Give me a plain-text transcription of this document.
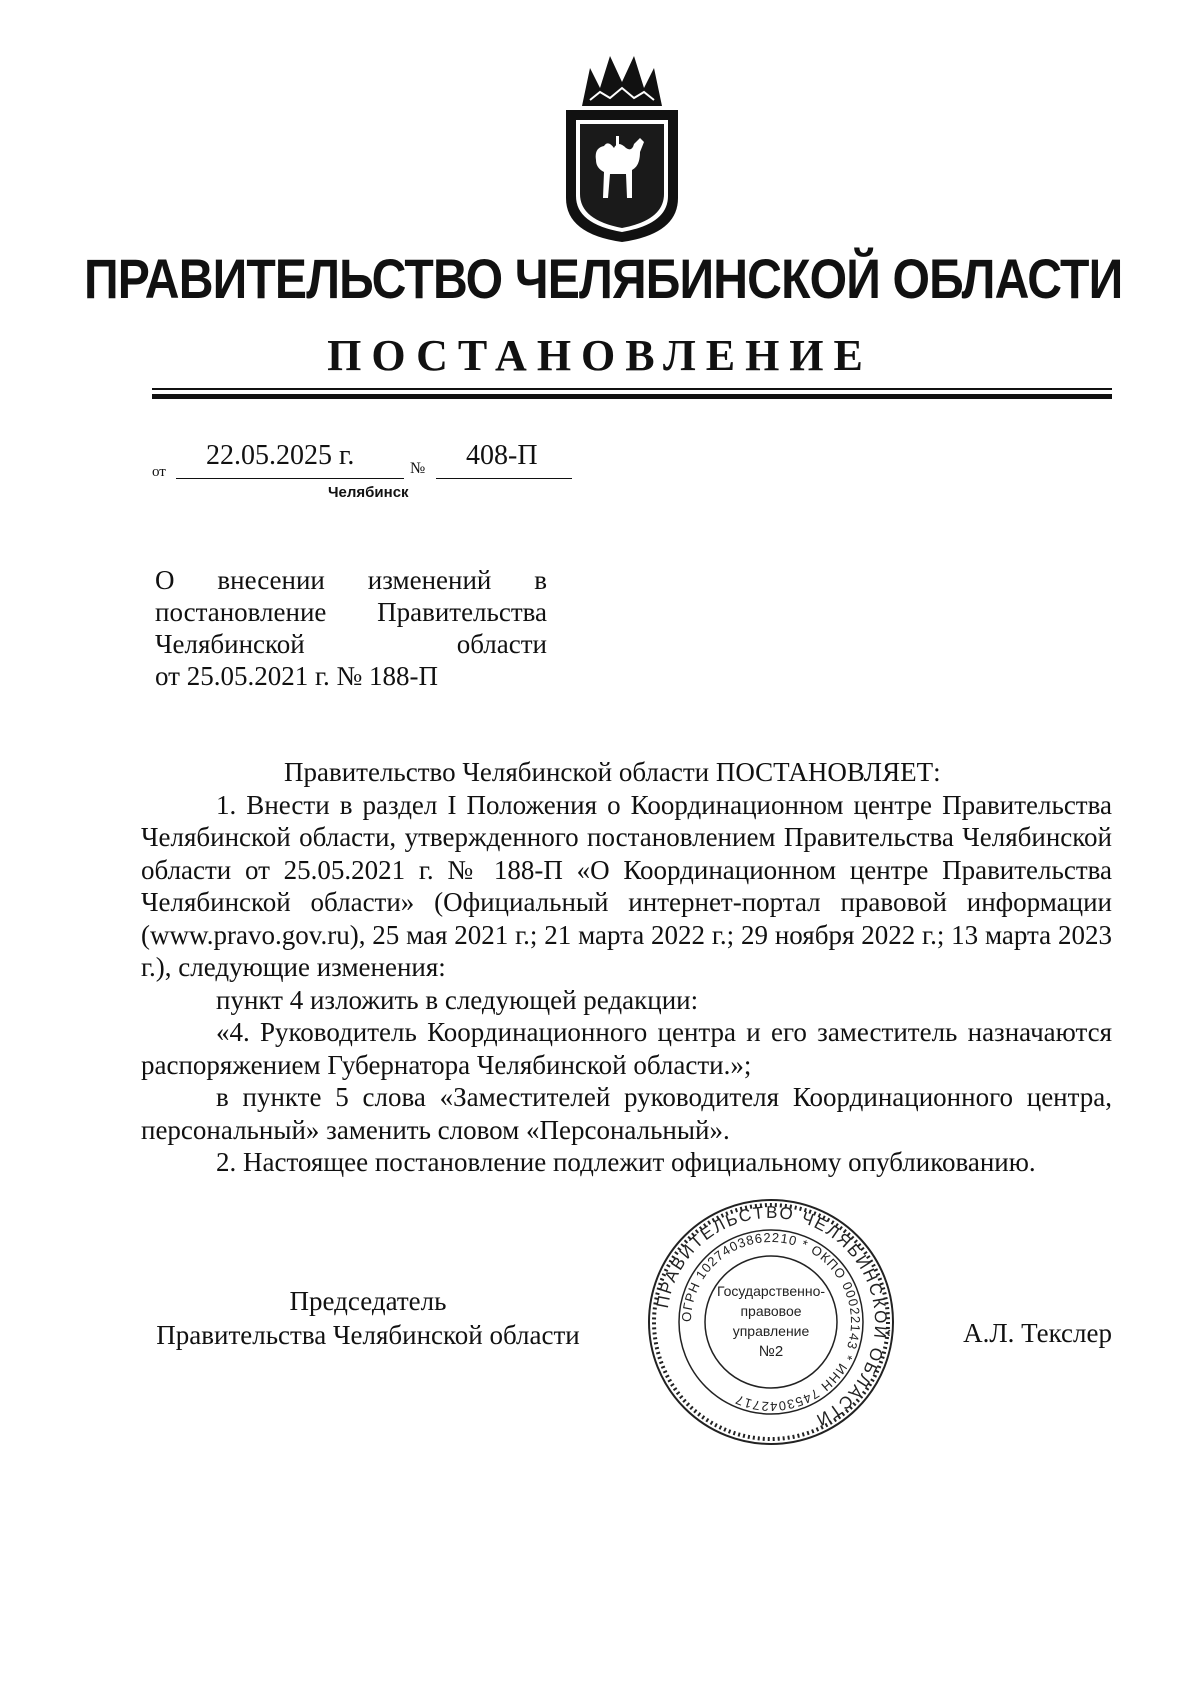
ПРАВИТЕЛЬСТВО ЧЕЛЯБИНСКОЙ ОБЛАСТИ
ПОСТАНОВЛЕНИЕ
от
22.05.2025 г.	№ 408-П
Челябинск
О внесении изменений в
постановление Правительства
Челябинской области
от 25.05.2021 г. № 188-П

Правительство Челябинской области ПОСТАНОВЛЯЕТ:

1. Внести в раздел I Положения о Координационном центре Правительства Челябинской области, утвержденного постановлением Правительства Челябинской области от 25.05.2021 г. № 188-П «О Координационном центре Правительства Челябинской области» (Официальный интернет-портал правовой информации (www.pravo.gov.ru), 25 мая 2021 г.; 21 марта 2022 г.; 29 ноября 2022 г.; 13 марта 2023 г.), следующие изменения:

пункт 4 изложить в следующей редакции:

«4. Руководитель Координационного центра и его заместитель назначаются распоряжением Губернатора Челябинской области.»;

в пункте 5 слова «Заместителей руководителя Координационного центра, персональный» заменить словом «Персональный».

2. Настоящее постановление подлежит официальному опубликованию.

Председатель
Правительства Челябинской области	А.Л. Текслер
ПРАВИТЕЛЬСТВО ЧЕЛЯБИНСКОЙ ОБЛАСТИ
ОГРН 1027403862210 * ОКПО 00022143 * ИНН 7453042717
Государственно-
правовое
управление
№2
